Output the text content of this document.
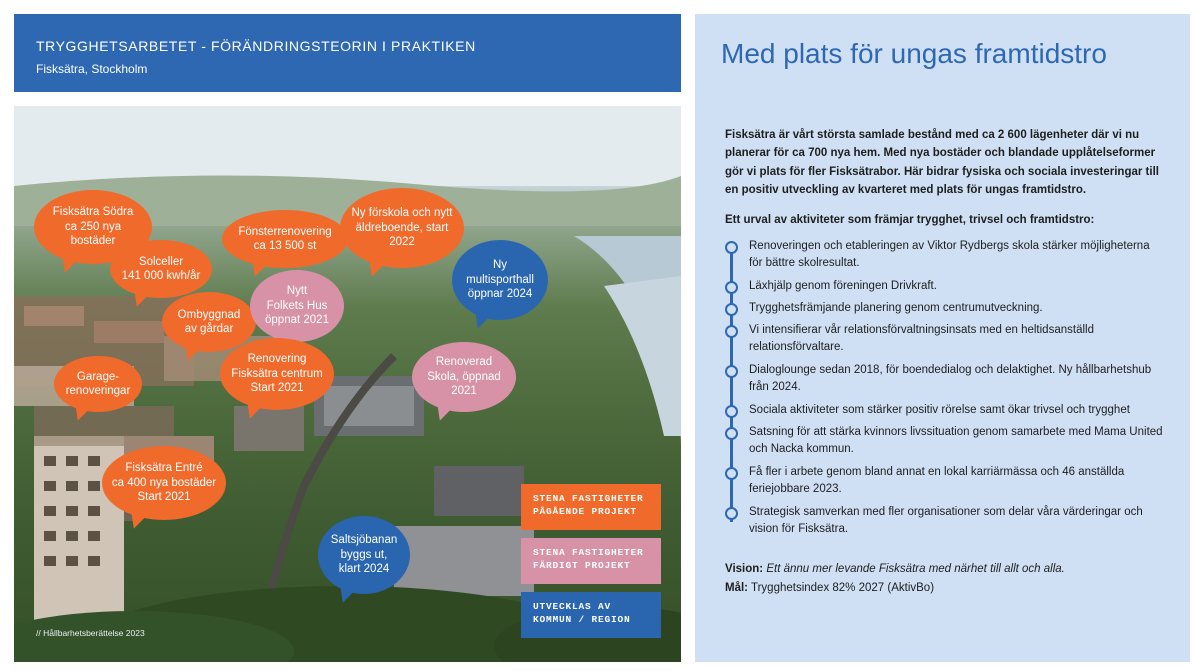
TRYGGHETSARBETET - FÖRÄNDRINGSTEORIN I PRAKTIKEN
Fisksätra, Stockholm
Fisksätra Södra
ca 250 nya
bostäder
Solceller
141 000 kwh/år
Fönsterrenovering
ca 13 500 st
Ny förskola och nytt
äldreboende, start
2022
Ny
multisporthall
öppnar 2024
Ombyggnad
av gårdar
Nytt
Folkets Hus
öppnat 2021
Renovering
Fisksätra centrum
Start 2021
Garage-
renoveringar
Renoverad
Skola, öppnad
2021
Fisksätra Entré
ca 400 nya bostäder
Start 2021
Saltsjöbanan
byggs ut,
klart 2024
STENA FASTIGHETER
PÅGÅENDE PROJEKT
STENA FASTIGHETER
FÄRDIGT PROJEKT
UTVECKLAS AV
KOMMUN / REGION
// Hållbarhetsberättelse 2023
Med plats för ungas framtidstro

Fisksätra är vårt största samlade bestånd med ca 2 600 lägenheter där vi nu planerar för ca 700 nya hem. Med nya bostäder och blandade upplåtelseformer gör vi plats för fler Fisksätrabor. Här bidrar fysiska och sociala investeringar till en positiv utveckling av kvarteret med plats för ungas framtidstro.

Ett urval av aktiviteter som främjar trygghet, trivsel och framtidstro:
Renoveringen och etableringen av Viktor Rydbergs skola stärker möjligheterna för bättre skolresultat.
Läxhjälp genom föreningen Drivkraft.
Trygghetsfrämjande planering genom centrumutveckning.
Vi intensifierar vår relationsförvaltningsinsats med en heltidsanställd relationsförvaltare.
Dialoglounge sedan 2018, för boendedialog och delaktighet. Ny hållbarhetshub från 2024.
Sociala aktiviteter som stärker positiv rörelse samt ökar trivsel och trygghet
Satsning för att stärka kvinnors livssituation genom samarbete med Mama United och Nacka kommun.
Få fler i arbete genom bland annat en lokal karriärmässa och 46 anställda feriejobbare 2023.
Strategisk samverkan med fler organisationer som delar våra värderingar och vision för Fisksätra.
Vision: Ett ännu mer levande Fisksätra med närhet till allt och alla.
Mål: Trygghetsindex 82% 2027 (AktivBo)
